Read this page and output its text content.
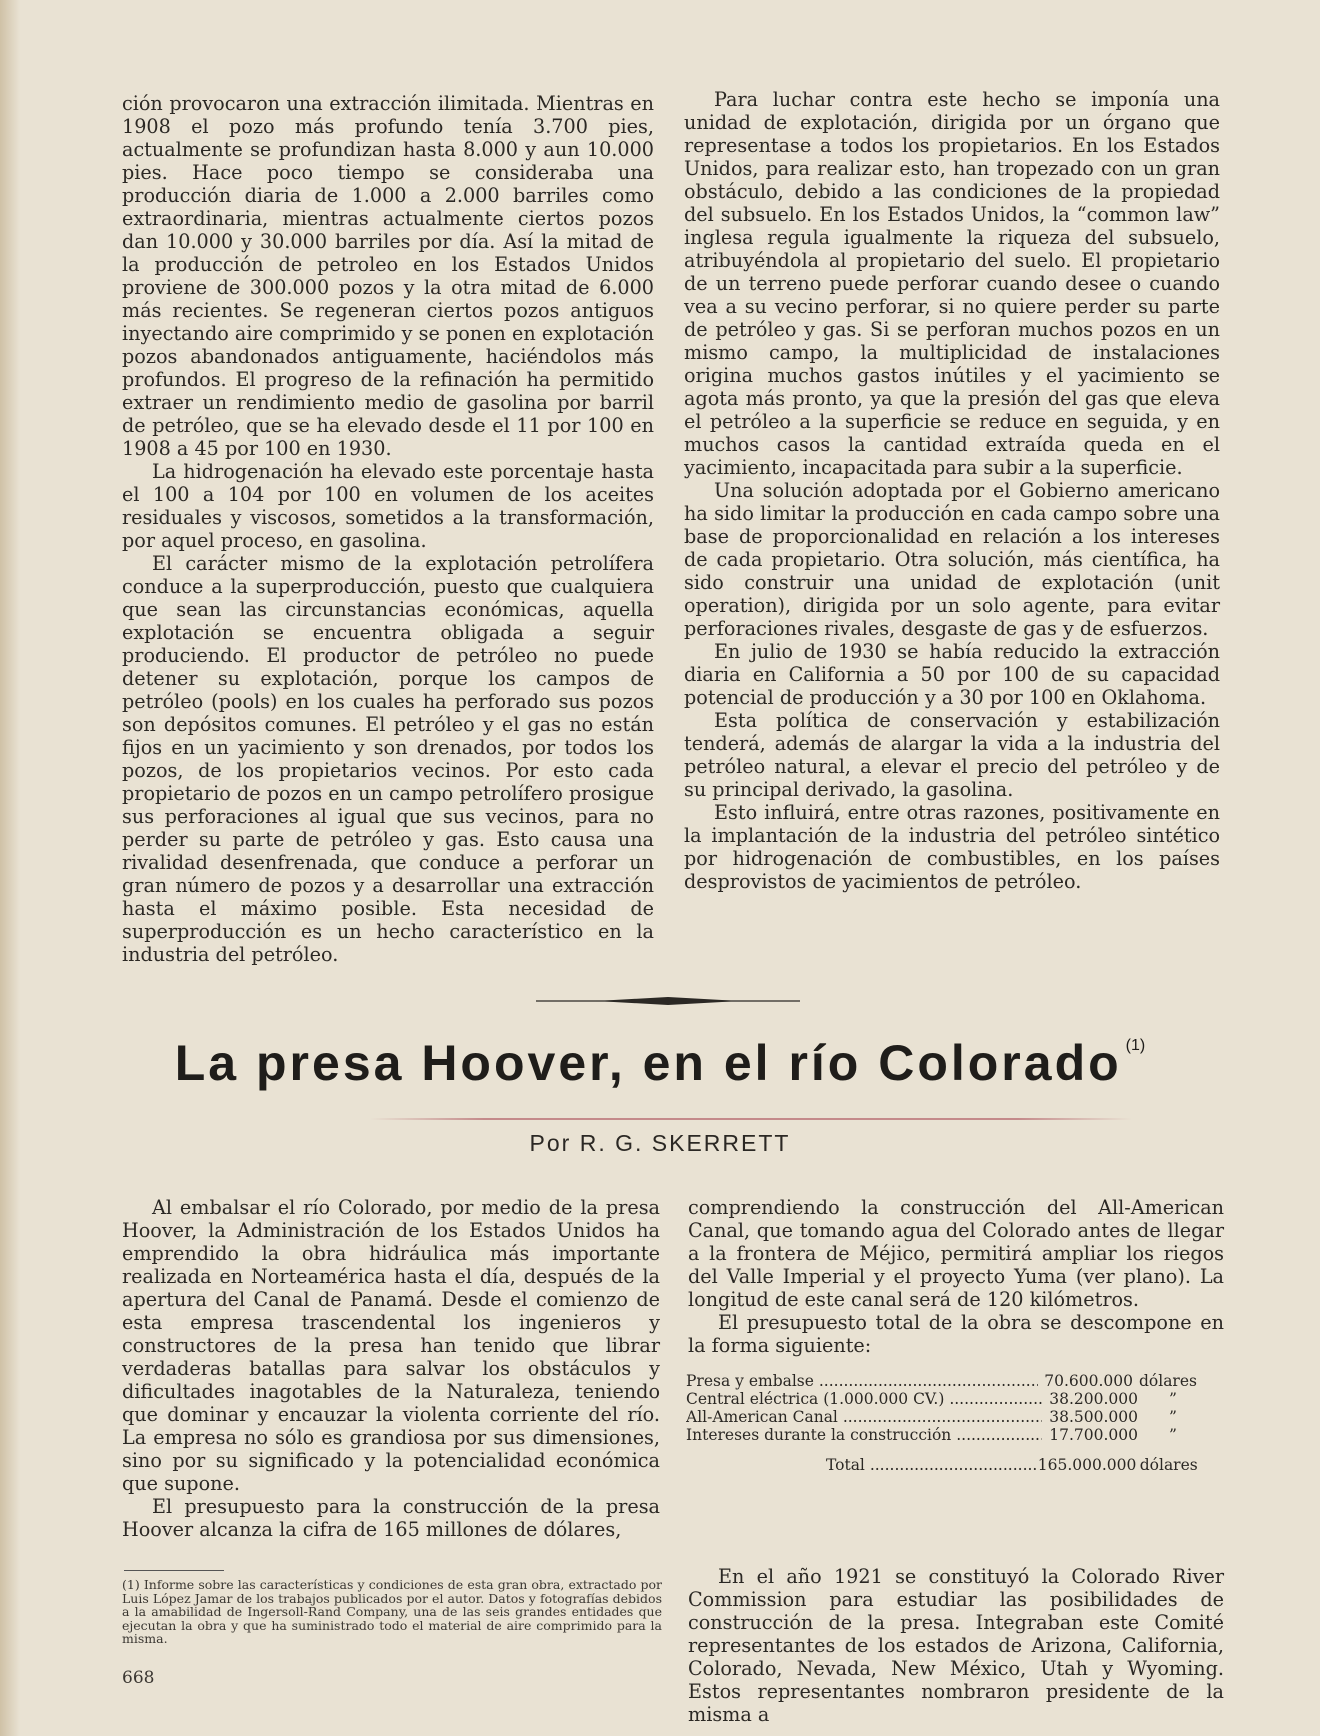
ción provocaron una extracción ilimitada. Mientras en 1908 el pozo más profundo tenía 3.700 pies, actualmente se profundizan hasta 8.000 y aun 10.000 pies. Hace poco tiempo se consideraba una producción diaria de 1.000 a 2.000 barriles como extraordinaria, mientras actualmente ciertos pozos dan 10.000 y 30.000 barriles por día. Así la mitad de la producción de petroleo en los Estados Unidos proviene de 300.000 pozos y la otra mitad de 6.000 más recientes. Se regeneran ciertos pozos antiguos inyectando aire comprimido y se ponen en explotación pozos abandonados antiguamente, haciéndolos más profundos. El progreso de la refinación ha permitido extraer un rendimiento medio de gasolina por barril de petróleo, que se ha elevado desde el 11 por 100 en 1908 a 45 por 100 en 1930.

La hidrogenación ha elevado este porcentaje hasta el 100 a 104 por 100 en volumen de los aceites residuales y viscosos, sometidos a la transformación, por aquel proceso, en gasolina.

El carácter mismo de la explotación petrolífera conduce a la superproducción, puesto que cualquiera que sean las circunstancias económicas, aquella explotación se encuentra obligada a seguir produciendo. El productor de petróleo no puede detener su explotación, porque los campos de petróleo (pools) en los cuales ha perforado sus pozos son depósitos comunes. El petróleo y el gas no están fijos en un yacimiento y son drenados, por todos los pozos, de los propietarios vecinos. Por esto cada propietario de pozos en un campo petrolífero prosigue sus perforaciones al igual que sus vecinos, para no perder su parte de petróleo y gas. Esto causa una rivalidad desenfrenada, que conduce a perforar un gran número de pozos y a desarrollar una extracción hasta el máximo posible. Esta necesidad de superproducción es un hecho característico en la industria del petróleo.

Para luchar contra este hecho se imponía una unidad de explotación, dirigida por un órgano que representase a todos los propietarios. En los Estados Unidos, para realizar esto, han tropezado con un gran obstáculo, debido a las condiciones de la propiedad del subsuelo. En los Estados Unidos, la “common law” inglesa regula igualmente la riqueza del subsuelo, atribuyéndola al propietario del suelo. El propietario de un terreno puede perforar cuando desee o cuando vea a su vecino perforar, si no quiere perder su parte de petróleo y gas. Si se perforan muchos pozos en un mismo campo, la multiplicidad de instalaciones origina muchos gastos inútiles y el yacimiento se agota más pronto, ya que la presión del gas que eleva el petróleo a la superficie se reduce en seguida, y en muchos casos la cantidad extraída queda en el yacimiento, incapacitada para subir a la superficie.

Una solución adoptada por el Gobierno americano ha sido limitar la producción en cada campo sobre una base de proporcionalidad en relación a los intereses de cada propietario. Otra solución, más científica, ha sido construir una unidad de explotación (unit operation), dirigida por un solo agente, para evitar perforaciones rivales, desgaste de gas y de esfuerzos.

En julio de 1930 se había reducido la extracción diaria en California a 50 por 100 de su capacidad potencial de producción y a 30 por 100 en Oklahoma.

Esta política de conservación y estabilización tenderá, además de alargar la vida a la industria del petróleo natural, a elevar el precio del petróleo y de su principal derivado, la gasolina.

Esto influirá, entre otras razones, positivamente en la implantación de la industria del petróleo sintético por hidrogenación de combustibles, en los países desprovistos de yacimientos de petróleo.

La presa Hoover, en el río Colorado $^{(1)}$
Por R. G. SKERRETT

Al embalsar el río Colorado, por medio de la presa Hoover, la Administración de los Estados Unidos ha emprendido la obra hidráulica más importante realizada en Norteamérica hasta el día, después de la apertura del Canal de Panamá. Desde el comienzo de esta empresa trascendental los ingenieros y constructores de la presa han tenido que librar verdaderas batallas para salvar los obstáculos y dificultades inagotables de la Naturaleza, teniendo que dominar y encauzar la violenta corriente del río. La empresa no sólo es grandiosa por sus dimensiones, sino por su significado y la potencialidad económica que supone.

El presupuesto para la construcción de la presa Hoover alcanza la cifra de 165 millones de dólares,

comprendiendo la construcción del All-American Canal, que tomando agua del Colorado antes de llegar a la frontera de Méjico, permitirá ampliar los riegos del Valle Imperial y el proyecto Yuma (ver plano). La longitud de este canal será de 120 kilómetros.

El presupuesto total de la obra se descompone en la forma siguiente:

En el año 1921 se constituyó la Colorado River Commission para estudiar las posibilidades de construcción de la presa. Integraban este Comité representantes de los estados de Arizona, California, Colorado, Nevada, New México, Utah y Wyoming. Estos representantes nombraron presidente de la misma a

Presa y embalse .....	70.600.000 dólares
Central eléctrica (1.000.000 CV.) .....	38.200.000	”
All-American Canal .....	38.500.000	”
Intereses durante la construcción .....	17.700.000	”
Total .....	165.000.000 dólares
(1) Informe sobre las características y condiciones de esta gran obra, extractado por Luis López Jamar de los trabajos publicados por el autor. Datos y fotografías debidos a la amabilidad de Ingersoll-Rand Company, una de las seis grandes entidades que ejecutan la obra y que ha suministrado todo el material de aire comprimido para la misma.
668
